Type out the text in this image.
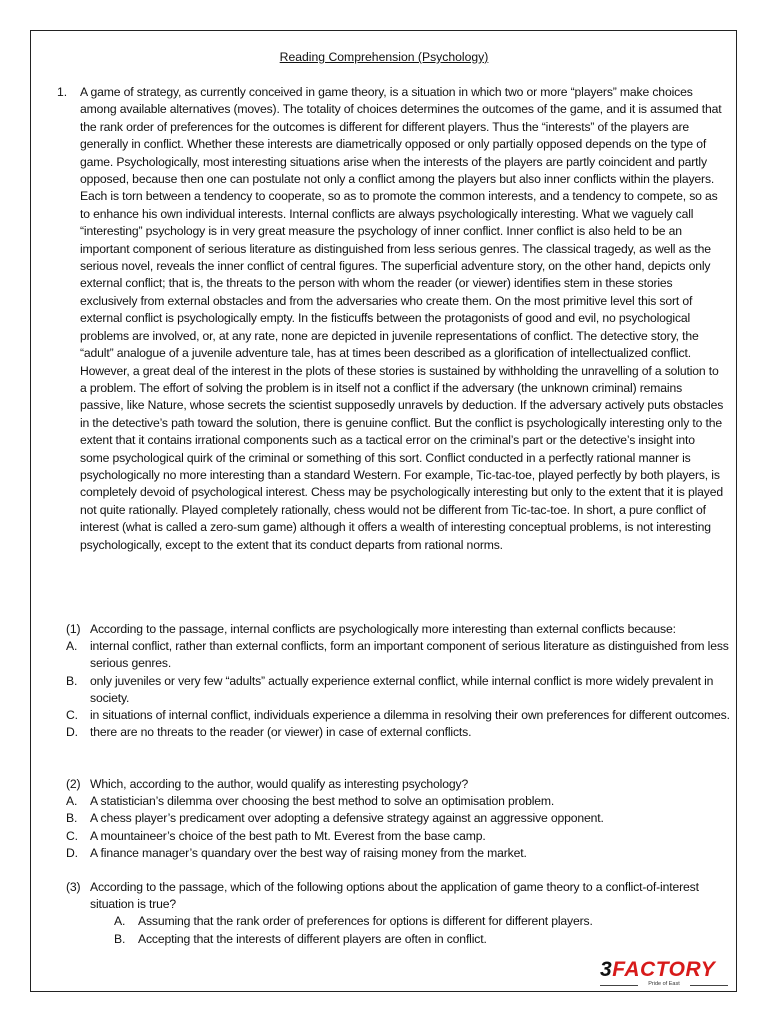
Reading Comprehension (Psychology)
1. A game of strategy, as currently conceived in game theory, is a situation in which two or more “players” make choices among available alternatives (moves). The totality of choices determines the outcomes of the game, and it is assumed that the rank order of preferences for the outcomes is different for different players. Thus the “interests” of the players are generally in conflict. Whether these interests are diametrically opposed or only partially opposed depends on the type of game. Psychologically, most interesting situations arise when the interests of the players are partly coincident and partly opposed, because then one can postulate not only a conflict among the players but also inner conflicts within the players. Each is torn between a tendency to cooperate, so as to promote the common interests, and a tendency to compete, so as to enhance his own individual interests. Internal conflicts are always psychologically interesting. What we vaguely call “interesting” psychology is in very great measure the psychology of inner conflict. Inner conflict is also held to be an important component of serious literature as distinguished from less serious genres. The classical tragedy, as well as the serious novel, reveals the inner conflict of central figures. The superficial adventure story, on the other hand, depicts only external conflict; that is, the threats to the person with whom the reader (or viewer) identifies stem in these stories exclusively from external obstacles and from the adversaries who create them. On the most primitive level this sort of external conflict is psychologically empty. In the fisticuffs between the protagonists of good and evil, no psychological problems are involved, or, at any rate, none are depicted in juvenile representations of conflict. The detective story, the “adult” analogue of a juvenile adventure tale, has at times been described as a glorification of intellectualized conflict. However, a great deal of the interest in the plots of these stories is sustained by withholding the unravelling of a solution to a problem. The effort of solving the problem is in itself not a conflict if the adversary (the unknown criminal) remains passive, like Nature, whose secrets the scientist supposedly unravels by deduction. If the adversary actively puts obstacles in the detective’s path toward the solution, there is genuine conflict. But the conflict is psychologically interesting only to the extent that it contains irrational components such as a tactical error on the criminal’s part or the detective’s insight into some psychological quirk of the criminal or something of this sort. Conflict conducted in a perfectly rational manner is psychologically no more interesting than a standard Western. For example, Tic-tac-toe, played perfectly by both players, is completely devoid of psychological interest. Chess may be psychologically interesting but only to the extent that it is played not quite rationally. Played completely rationally, chess would not be different from Tic-tac-toe. In short, a pure conflict of interest (what is called a zero-sum game) although it offers a wealth of interesting conceptual problems, is not interesting psychologically, except to the extent that its conduct departs from rational norms.

(1) According to the passage, internal conflicts are psychologically more interesting than external conflicts because:
A.	internal conflict, rather than external conflicts, form an important component of serious literature as distinguished from less serious genres.
B.	only juveniles or very few “adults” actually experience external conflict, while internal conflict is more widely prevalent in society.
C. in situations of internal conflict, individuals experience a dilemma in resolving their own preferences for different outcomes.
D. there are no threats to the reader (or viewer) in case of external conflicts.
(2) Which, according to the author, would qualify as interesting psychology?
A.	A statistician’s dilemma over choosing the best method to solve an optimisation problem.
B.	A chess player’s predicament over adopting a defensive strategy against an aggressive opponent.
C. A mountaineer’s choice of the best path to Mt. Everest from the base camp.
D. A finance manager’s quandary over the best way of raising money from the market.
(3) According to the passage, which of the following options about the application of game theory to a conflict-of-interest situation is true?
A.	Assuming that the rank order of preferences for options is different for different players.
B.	Accepting that the interests of different players are often in conflict.
3FACTORY
Pride of East
